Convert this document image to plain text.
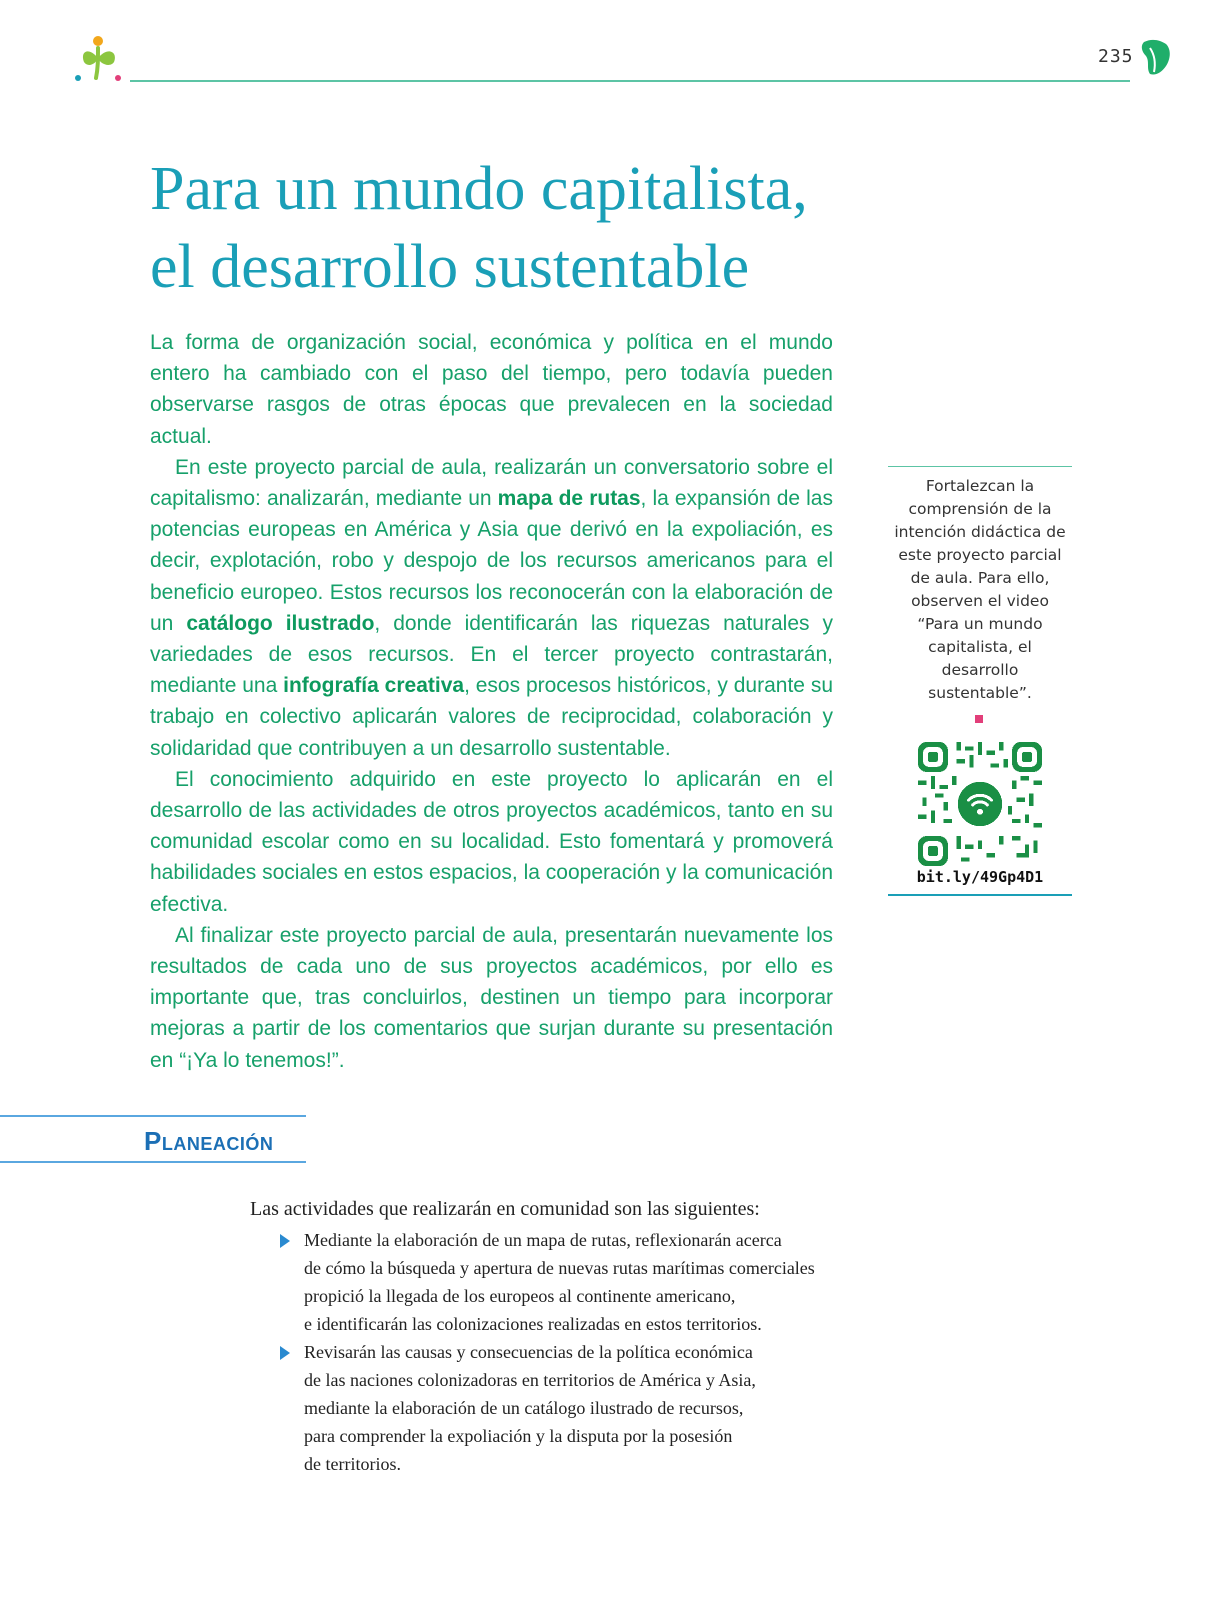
235
Para un mundo capitalista,
el desarrollo sustentable

La forma de organización social, económica y política en el mundo entero ha cambiado con el paso del tiempo, pero todavía pueden observarse rasgos de otras épocas que prevalecen en la sociedad actual.

En este proyecto parcial de aula, realizarán un conversatorio sobre el capitalismo: analizarán, mediante un mapa de rutas, la expansión de las potencias europeas en América y Asia que derivó en la expoliación, es decir, explotación, robo y despojo de los recursos americanos para el beneficio europeo. Estos recursos los reconocerán con la elaboración de un catálogo ilustrado, donde identificarán las riquezas naturales y variedades de esos recursos. En el tercer proyecto contrastarán, mediante una infografía creativa, esos procesos históricos, y durante su trabajo en colectivo aplicarán valores de reciprocidad, colaboración y solidaridad que contribuyen a un desarrollo sustentable.

El conocimiento adquirido en este proyecto lo aplicarán en el desarrollo de las actividades de otros proyectos académicos, tanto en su comunidad escolar como en su localidad. Esto fomentará y promoverá habilidades sociales en estos espacios, la cooperación y la comunicación efectiva.

Al finalizar este proyecto parcial de aula, presentarán nuevamente los resultados de cada uno de sus proyectos académicos, por ello es importante que, tras concluirlos, destinen un tiempo para incorporar mejoras a partir de los comentarios que surjan durante su presentación en “¡Ya lo tenemos!”.

Fortalezcan la comprensión de la intención didáctica de este proyecto parcial de aula. Para ello, observen el video “Para un mundo capitalista, el desarrollo sustentable”.

bit.ly/49Gp4D1
Planeación

Las actividades que realizarán en comunidad son las siguientes:

Mediante la elaboración de un mapa de rutas, reflexionarán acerca
de cómo la búsqueda y apertura de nuevas rutas marítimas comerciales
propició la llegada de los europeos al continente americano,
e identificarán las colonizaciones realizadas en estos territorios.
Revisarán las causas y consecuencias de la política económica
de las naciones colonizadoras en territorios de América y Asia,
mediante la elaboración de un catálogo ilustrado de recursos,
para comprender la expoliación y la disputa por la posesión
de territorios.
